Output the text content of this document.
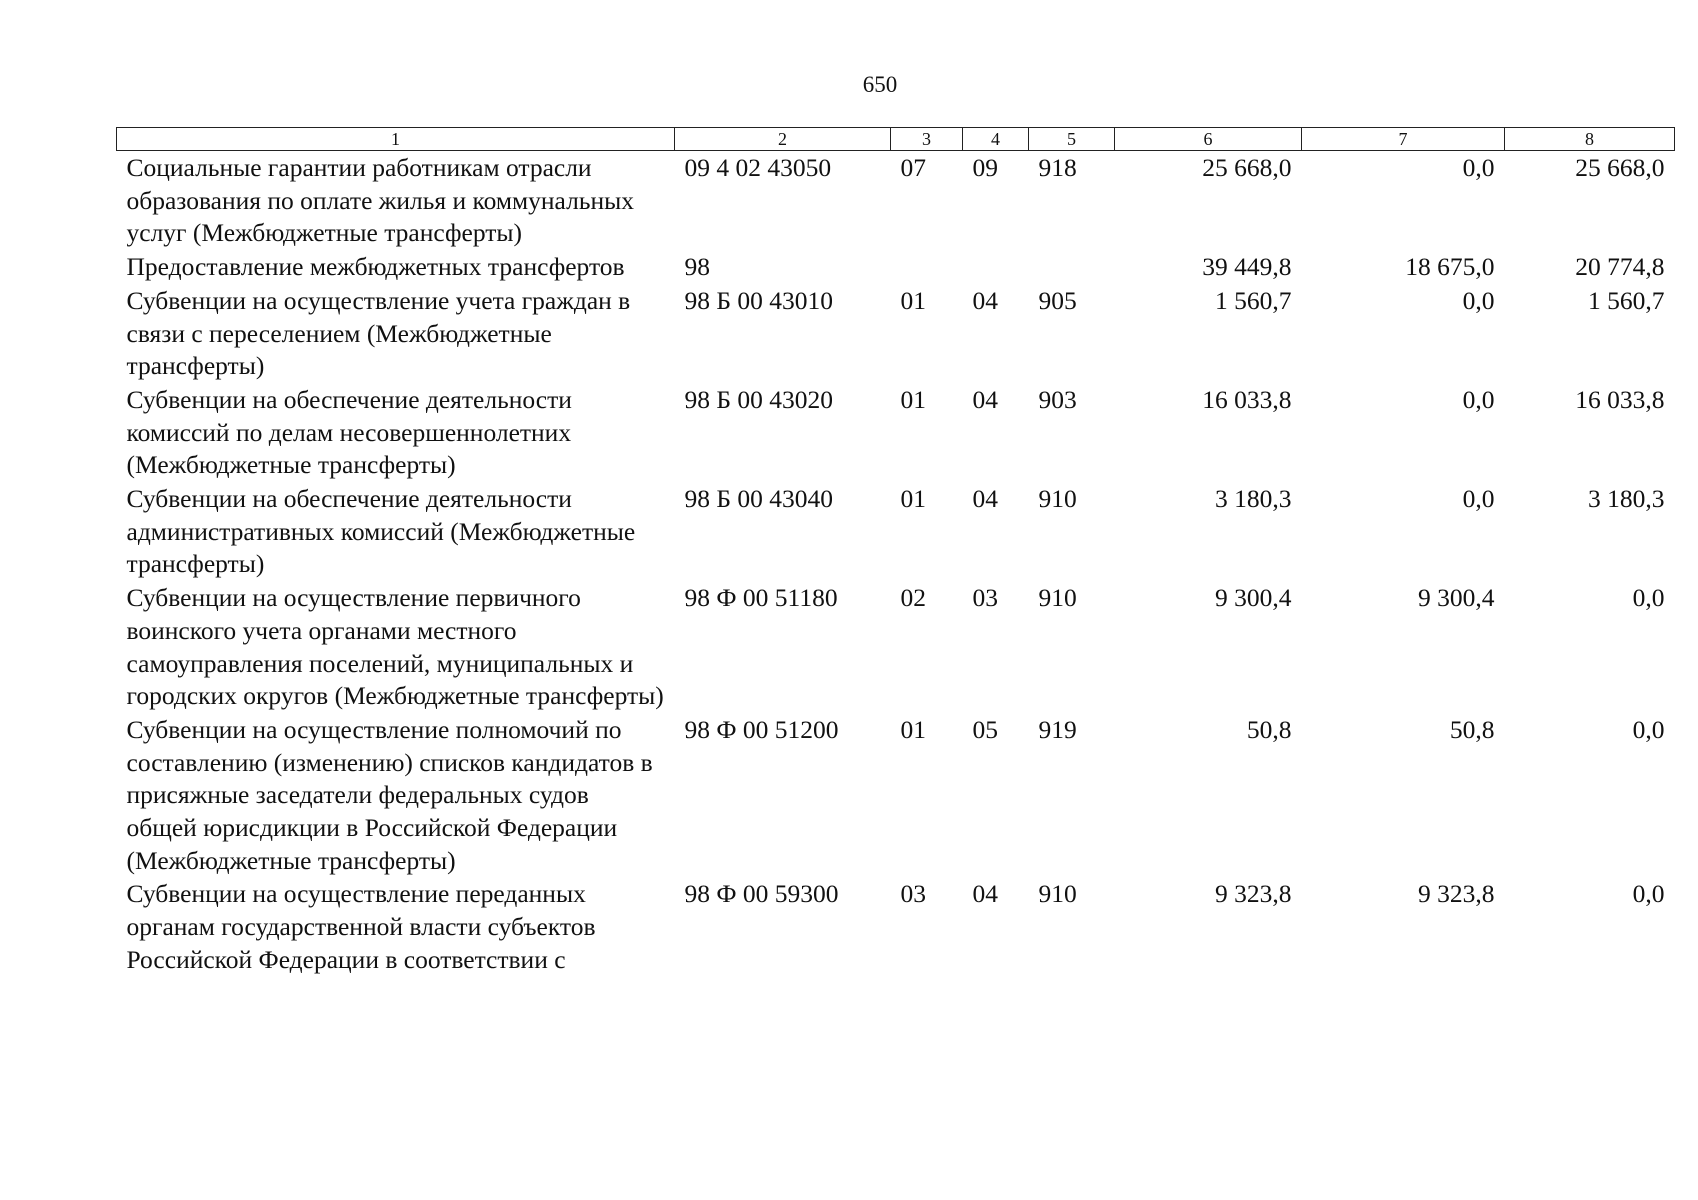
650
1	2	3	4	5	6	7	8
Социальные гарантии работникам отрасли образования по оплате жилья и коммунальных услуг (Межбюджетные трансферты)	09 4 02 43050	07	09	918	25 668,0	0,0	25 668,0
Предоставление межбюджетных трансфертов	98				39 449,8	18 675,0	20 774,8
Субвенции на осуществление учета граждан в связи с переселением (Межбюджетные трансферты)	98 Б 00 43010	01	04	905	1 560,7	0,0	1 560,7
Субвенции на обеспечение деятельности комиссий по делам несовершеннолетних (Межбюджетные трансферты)	98 Б 00 43020	01	04	903	16 033,8	0,0	16 033,8
Субвенции на обеспечение деятельности административных комиссий (Межбюджетные трансферты)	98 Б 00 43040	01	04	910	3 180,3	0,0	3 180,3
Субвенции на осуществление первичного воинского учета органами местного самоуправления поселений, муниципальных и городских округов (Межбюджетные трансферты)	98 Ф 00 51180	02	03	910	9 300,4	9 300,4	0,0
Субвенции на осуществление полномочий по составлению (изменению) списков кандидатов в присяжные заседатели федеральных судов общей юрисдикции в Российской Федерации (Межбюджетные трансферты)	98 Ф 00 51200	01	05	919	50,8	50,8	0,0
Субвенции на осуществление переданных органам государственной власти субъектов Российской Федерации в соответствии с	98 Ф 00 59300	03	04	910	9 323,8	9 323,8	0,0
